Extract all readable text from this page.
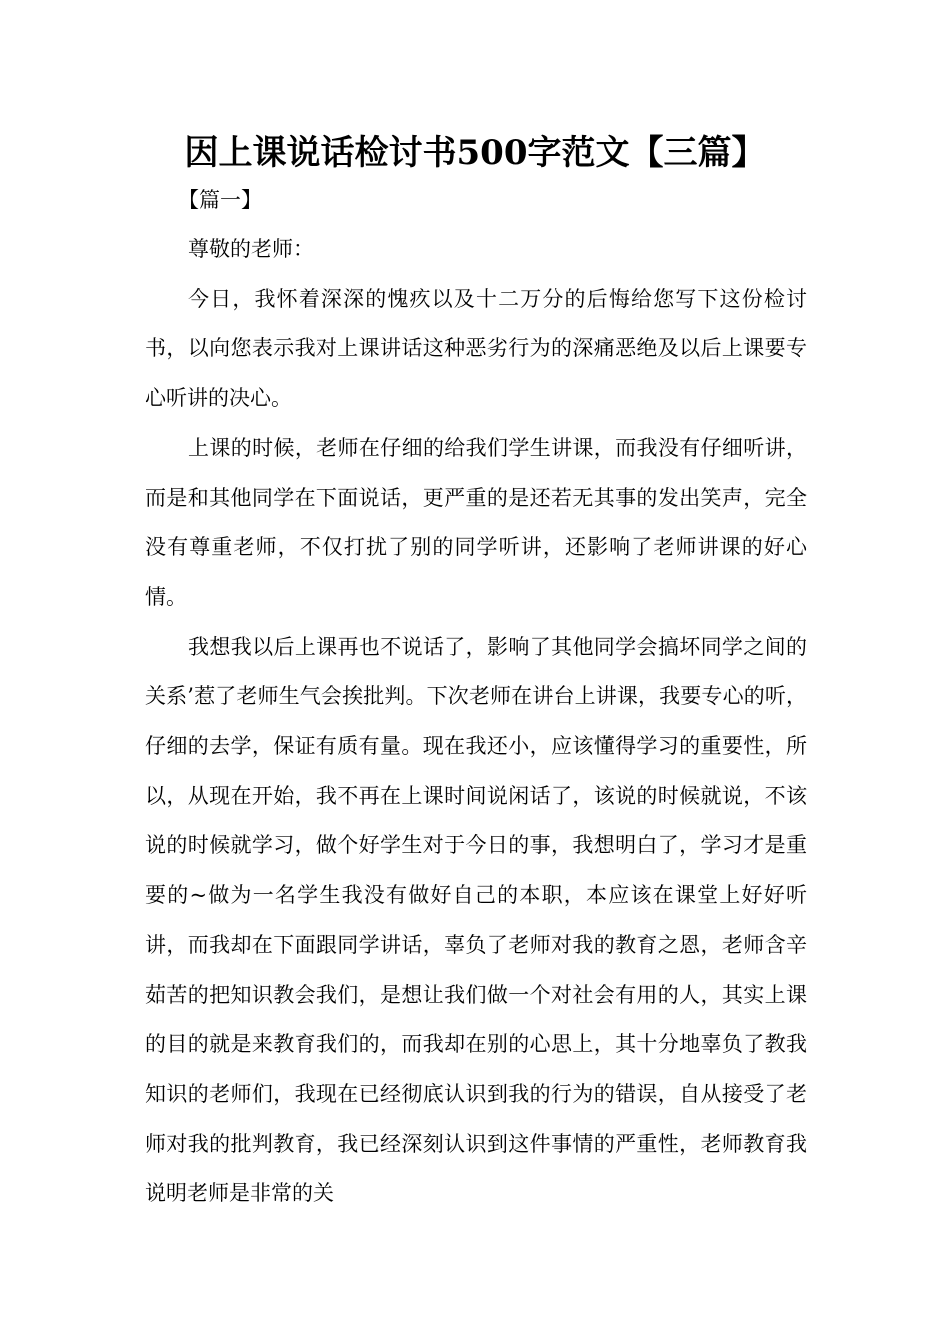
因上课说话检讨书500字范文【三篇】
【篇一】

尊敬的老师：

今日，我怀着深深的愧疚以及十二万分的后悔给您写下这份检讨书，以向您表示我对上课讲话这种恶劣行为的深痛恶绝及以后上课要专心听讲的决心。

上课的时候，老师在仔细的给我们学生讲课，而我没有仔细听讲，而是和其他同学在下面说话，更严重的是还若无其事的发出笑声，完全没有尊重老师，不仅打扰了别的同学听讲，还影响了老师讲课的好心情。

我想我以后上课再也不说话了，影响了其他同学会搞坏同学之间的关系’惹了老师生气会挨批判。下次老师在讲台上讲课，我要专心的听，仔细的去学，保证有质有量。现在我还小，应该懂得学习的重要性，所以，从现在开始，我不再在上课时间说闲话了，该说的时候就说，不该说的时候就学习，做个好学生对于今日的事，我想明白了，学习才是重要的~做为一名学生我没有做好自己的本职，本应该在课堂上好好听讲，而我却在下面跟同学讲话，辜负了老师对我的教育之恩，老师含辛茹苦的把知识教会我们，是想让我们做一个对社会有用的人，其实上课的目的就是来教育我们的，而我却在别的心思上，其十分地辜负了教我知识的老师们，我现在已经彻底认识到我的行为的错误，自从接受了老师对我的批判教育，我已经深刻认识到这件事情的严重性，老师教育我说明老师是非常的关
